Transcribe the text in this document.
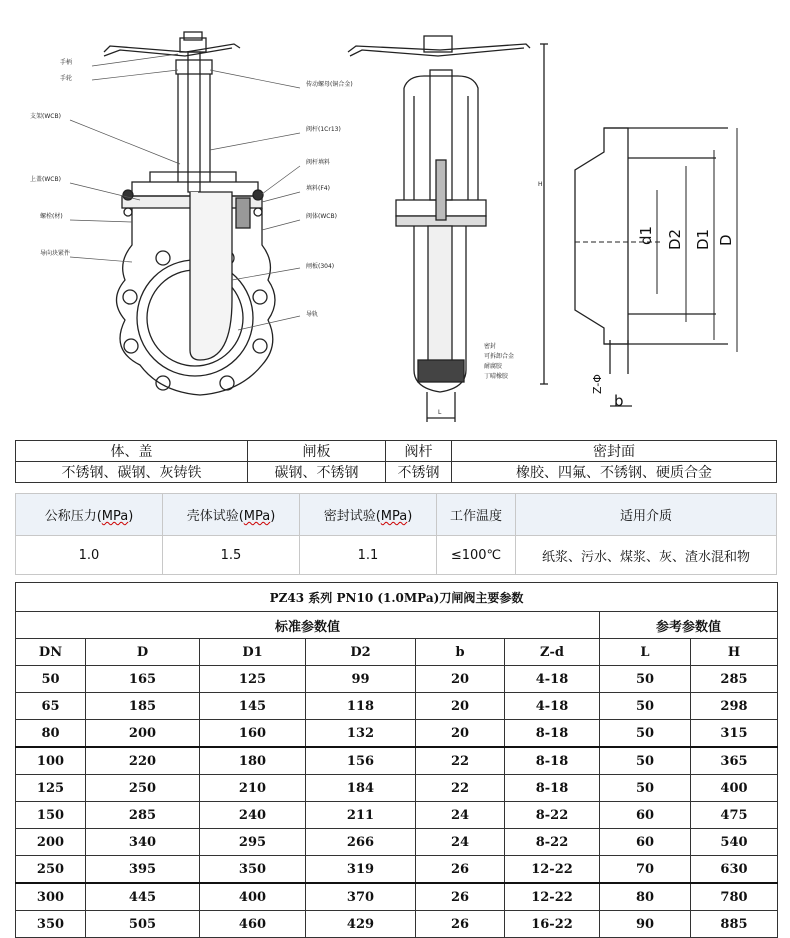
手柄
手轮
支架(WCB)
上盖(WCB)
螺栓(材)
导向块紧件
传动螺母(铜合金)
阀杆(1Cr13)
阀杆填料
填料(F4)
阀体(WCB)
闸板(304)
导轨
密封
可拆卸合金
耐腐胶
丁晴橡胶
d1 D2 D1 D
Z-Φ
b
H
L
体、盖	闸板	阀杆	密封面
不锈钢、碳钢、灰铸铁	碳钢、不锈钢	不锈钢	橡胶、四氟、不锈钢、硬质合金
公称压力(MPa)	壳体试验(MPa)	密封试验(MPa)	工作温度	适用介质
1.0	1.5	1.1	≤100℃	纸浆、污水、煤浆、灰、渣水混和物
PZ43 系列 PN10 (1.0MPa)刀闸阀主要参数							
标准参数值						参考参数值	
DN	D	D1	D2	b	Z-d	L	H
50	165	125	99	20	4-18	50	285
65	185	145	118	20	4-18	50	298
80	200	160	132	20	8-18	50	315
100	220	180	156	22	8-18	50	365
125	250	210	184	22	8-18	50	400
150	285	240	211	24	8-22	60	475
200	340	295	266	24	8-22	60	540
250	395	350	319	26	12-22	70	630
300	445	400	370	26	12-22	80	780
350	505	460	429	26	16-22	90	885
